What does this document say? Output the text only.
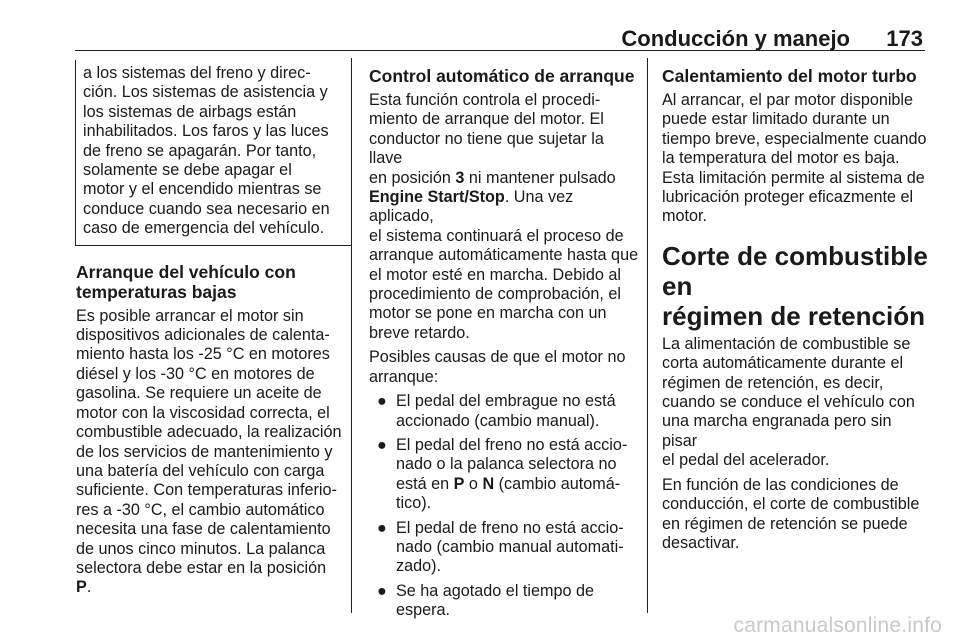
Conducción y manejo 173

a los sistemas del freno y direc-
ción. Los sistemas de asistencia y
los sistemas de airbags están
inhabilitados. Los faros y las luces
de freno se apagarán. Por tanto,
solamente se debe apagar el
motor y el encendido mientras se
conduce cuando sea necesario en
caso de emergencia del vehículo.

Arranque del vehículo con
temperaturas bajas

Es posible arrancar el motor sin
dispositivos adicionales de calenta-
miento hasta los -25 °C en motores
diésel y los -30 °C en motores de
gasolina. Se requiere un aceite de
motor con la viscosidad correcta, el
combustible adecuado, la realización
de los servicios de mantenimiento y
una batería del vehículo con carga
suficiente. Con temperaturas inferio-
res a -30 °C, el cambio automático
necesita una fase de calentamiento
de unos cinco minutos. La palanca
selectora debe estar en la posición
P.

Control automático de arranque

Esta función controla el procedi-
miento de arranque del motor. El
conductor no tiene que sujetar la llave
en posición 3 ni mantener pulsado
Engine Start/Stop. Una vez aplicado,
el sistema continuará el proceso de
arranque automáticamente hasta que
el motor esté en marcha. Debido al
procedimiento de comprobación, el
motor se pone en marcha con un
breve retardo.

Posibles causas de que el motor no
arranque:

● El pedal del embrague no está
accionado (cambio manual).
● El pedal del freno no está accio-
nado o la palanca selectora no
está en P o N (cambio automá-
tico).
● El pedal de freno no está accio-
nado (cambio manual automati-
zado).
● Se ha agotado el tiempo de
espera.
Calentamiento del motor turbo

Al arrancar, el par motor disponible
puede estar limitado durante un
tiempo breve, especialmente cuando
la temperatura del motor es baja.
Esta limitación permite al sistema de
lubricación proteger eficazmente el
motor.

Corte de combustible en
régimen de retención

La alimentación de combustible se
corta automáticamente durante el
régimen de retención, es decir,
cuando se conduce el vehículo con
una marcha engranada pero sin pisar
el pedal del acelerador.

En función de las condiciones de
conducción, el corte de combustible
en régimen de retención se puede
desactivar.

carmanualsonline.info
